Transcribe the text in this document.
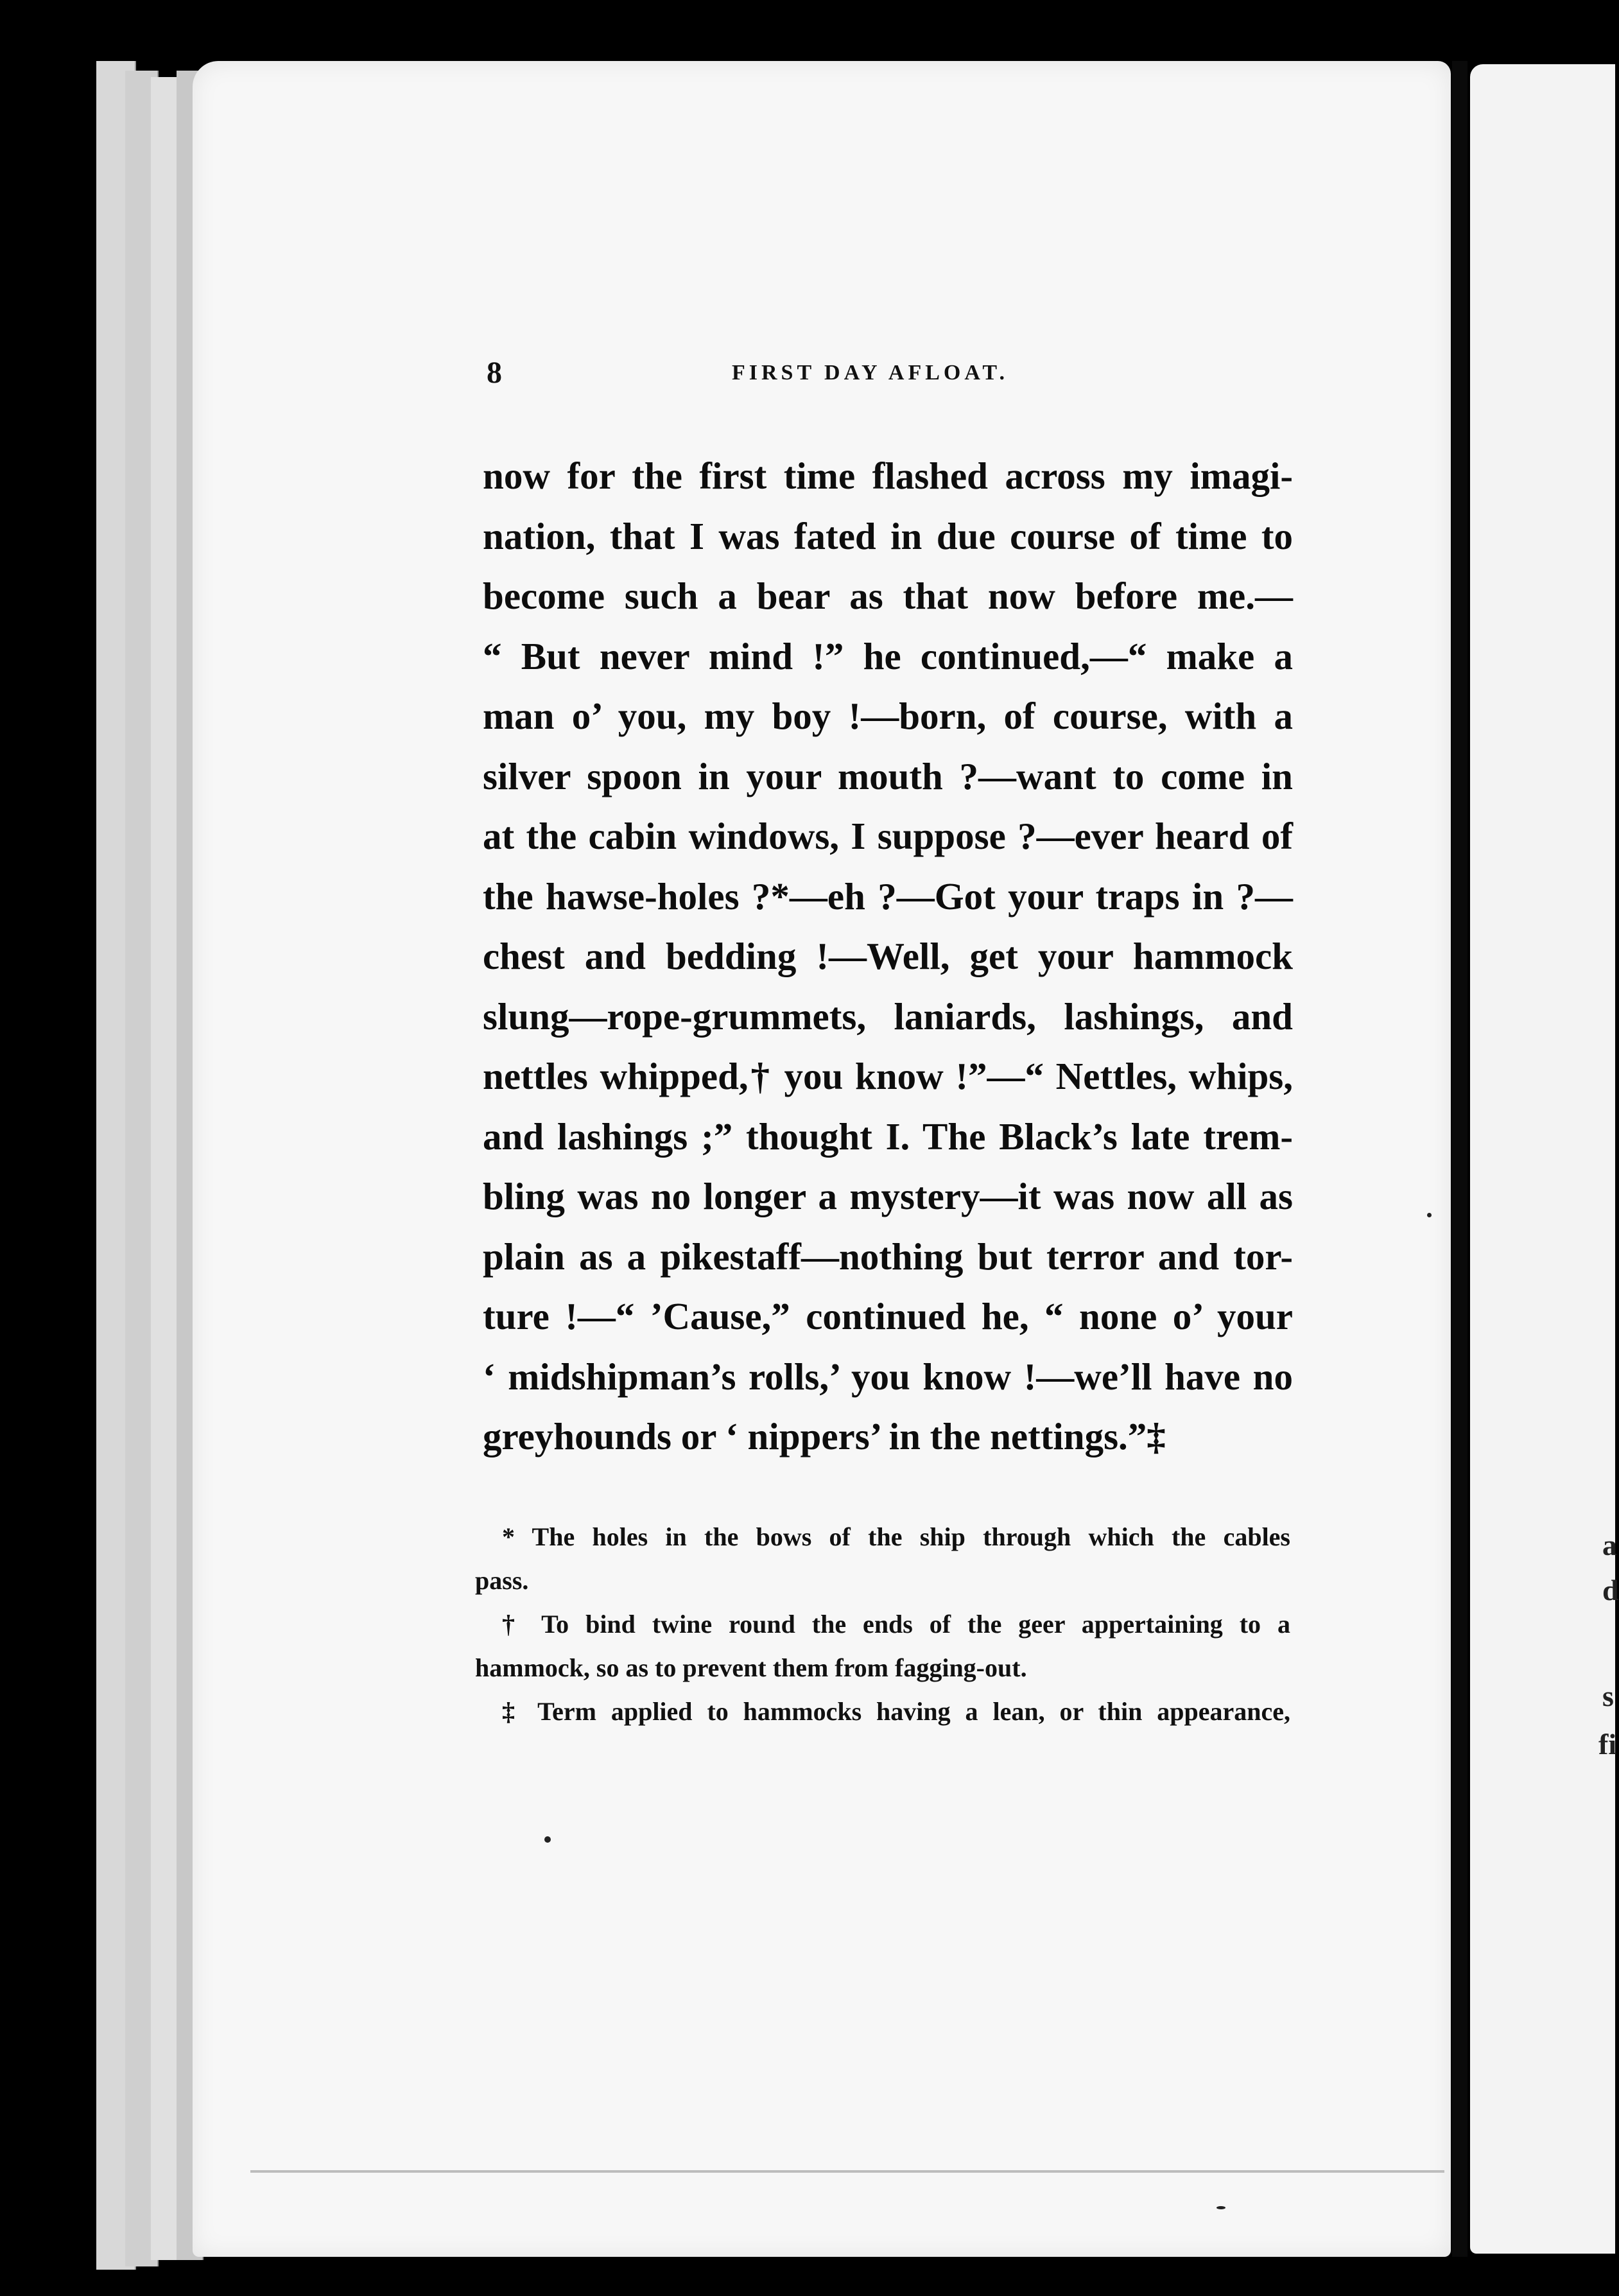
a
d
s
fi
8	FIRST DAY AFLOAT.
now for the first time flashed across my imagi-
nation, that I was fated in due course of time to
become such a bear as that now before me.—
“ But never mind !” he continued,—“ make a
man o’ you, my boy !—born, of course, with a
silver spoon in your mouth ?—want to come in
at the cabin windows, I suppose ?—ever heard of
the hawse-holes ?*—eh ?—Got your traps in ?—
chest and bedding !—Well, get your hammock
slung—rope-grummets, laniards, lashings, and
nettles whipped,† you know !”—“ Nettles, whips,
and lashings ;” thought I. The Black’s late trem-
bling was no longer a mystery—it was now all as
plain as a pikestaff—nothing but terror and tor-
ture !—“ ’Cause,” continued he, “ none o’ your
‘ midshipman’s rolls,’ you know !—we’ll have no
greyhounds or ‘ nippers’ in the nettings.”‡
* The holes in the bows of the ship through which the cables
pass.
† To bind twine round the ends of the geer appertaining to a
hammock, so as to prevent them from fagging-out.
‡ Term applied to hammocks having a lean, or thin appearance,
